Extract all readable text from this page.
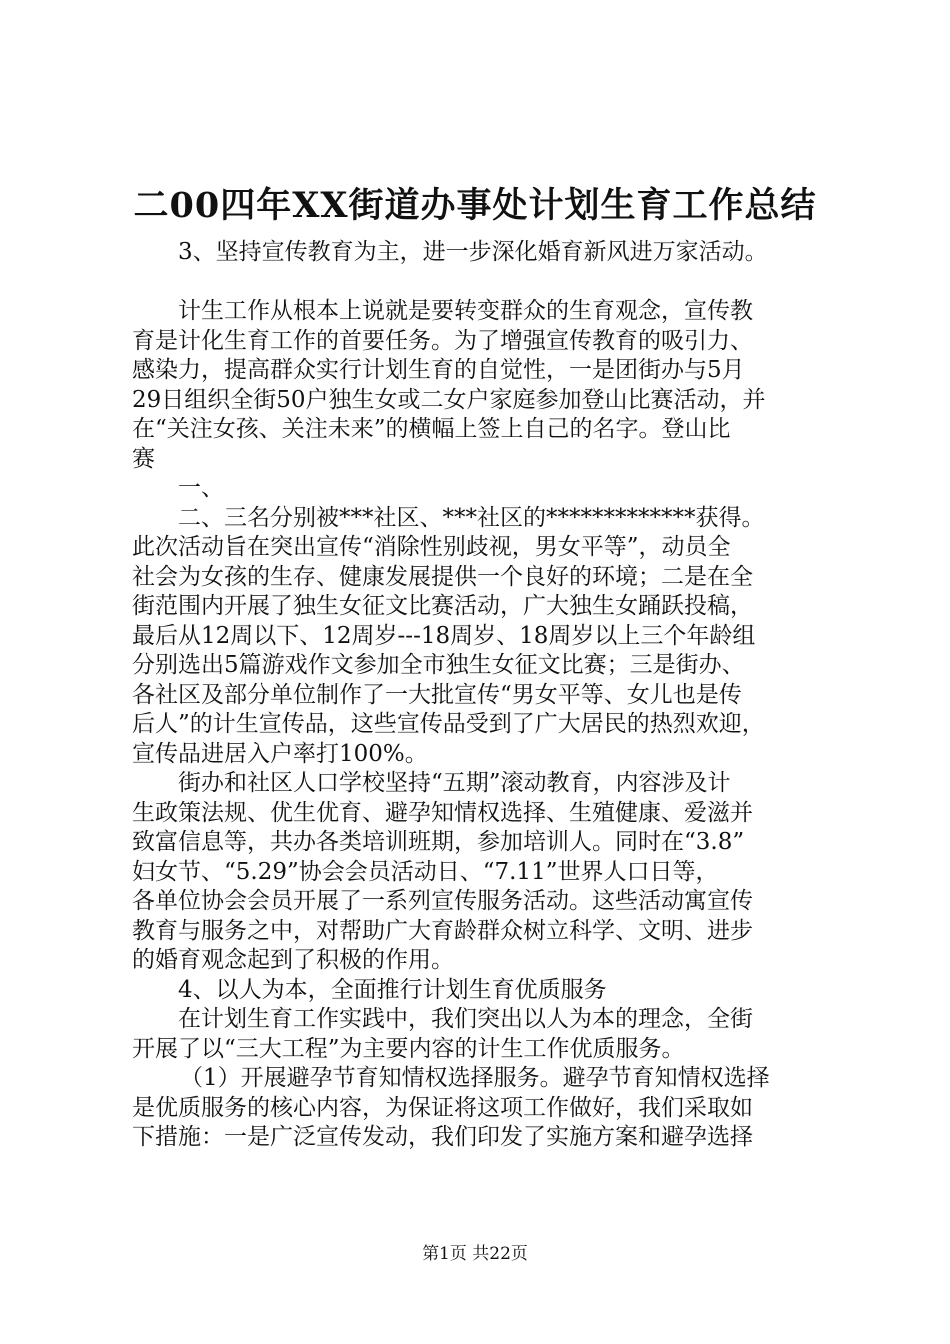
二00四年XX街道办事处计划生育工作总结
3、坚持宣传教育为主，进一步深化婚育新风进万家活动。
计生工作从根本上说就是要转变群众的生育观念，宣传教
育是计化生育工作的首要任务。为了增强宣传教育的吸引力、
感染力，提高群众实行计划生育的自觉性，一是团街办与5月
29日组织全街50户独生女或二女户家庭参加登山比赛活动，并
在“关注女孩、关注未来”的横幅上签上自己的名字。登山比
赛
一、
二、三名分别被***社区、***社区的*************获得。
此次活动旨在突出宣传“消除性别歧视，男女平等”，动员全
社会为女孩的生存、健康发展提供一个良好的环境；二是在全
街范围内开展了独生女征文比赛活动，广大独生女踊跃投稿，
最后从12周以下、12周岁---18周岁、18周岁以上三个年龄组
分别选出5篇游戏作文参加全市独生女征文比赛；三是街办、
各社区及部分单位制作了一大批宣传“男女平等、女儿也是传
后人”的计生宣传品，这些宣传品受到了广大居民的热烈欢迎，
宣传品进居入户率打100%。
街办和社区人口学校坚持“五期”滚动教育，内容涉及计
生政策法规、优生优育、避孕知情权选择、生殖健康、爱滋并
致富信息等，共办各类培训班期，参加培训人。同时在“3.8”
妇女节、“5.29”协会会员活动日、“7.11”世界人口日等，
各单位协会会员开展了一系列宣传服务活动。这些活动寓宣传
教育与服务之中，对帮助广大育龄群众树立科学、文明、进步
的婚育观念起到了积极的作用。
4、以人为本，全面推行计划生育优质服务
在计划生育工作实践中，我们突出以人为本的理念，全街
开展了以“三大工程”为主要内容的计生工作优质服务。
（1）开展避孕节育知情权选择服务。避孕节育知情权选择
是优质服务的核心内容，为保证将这项工作做好，我们采取如
下措施：一是广泛宣传发动，我们印发了实施方案和避孕选择
第1页 共22页
